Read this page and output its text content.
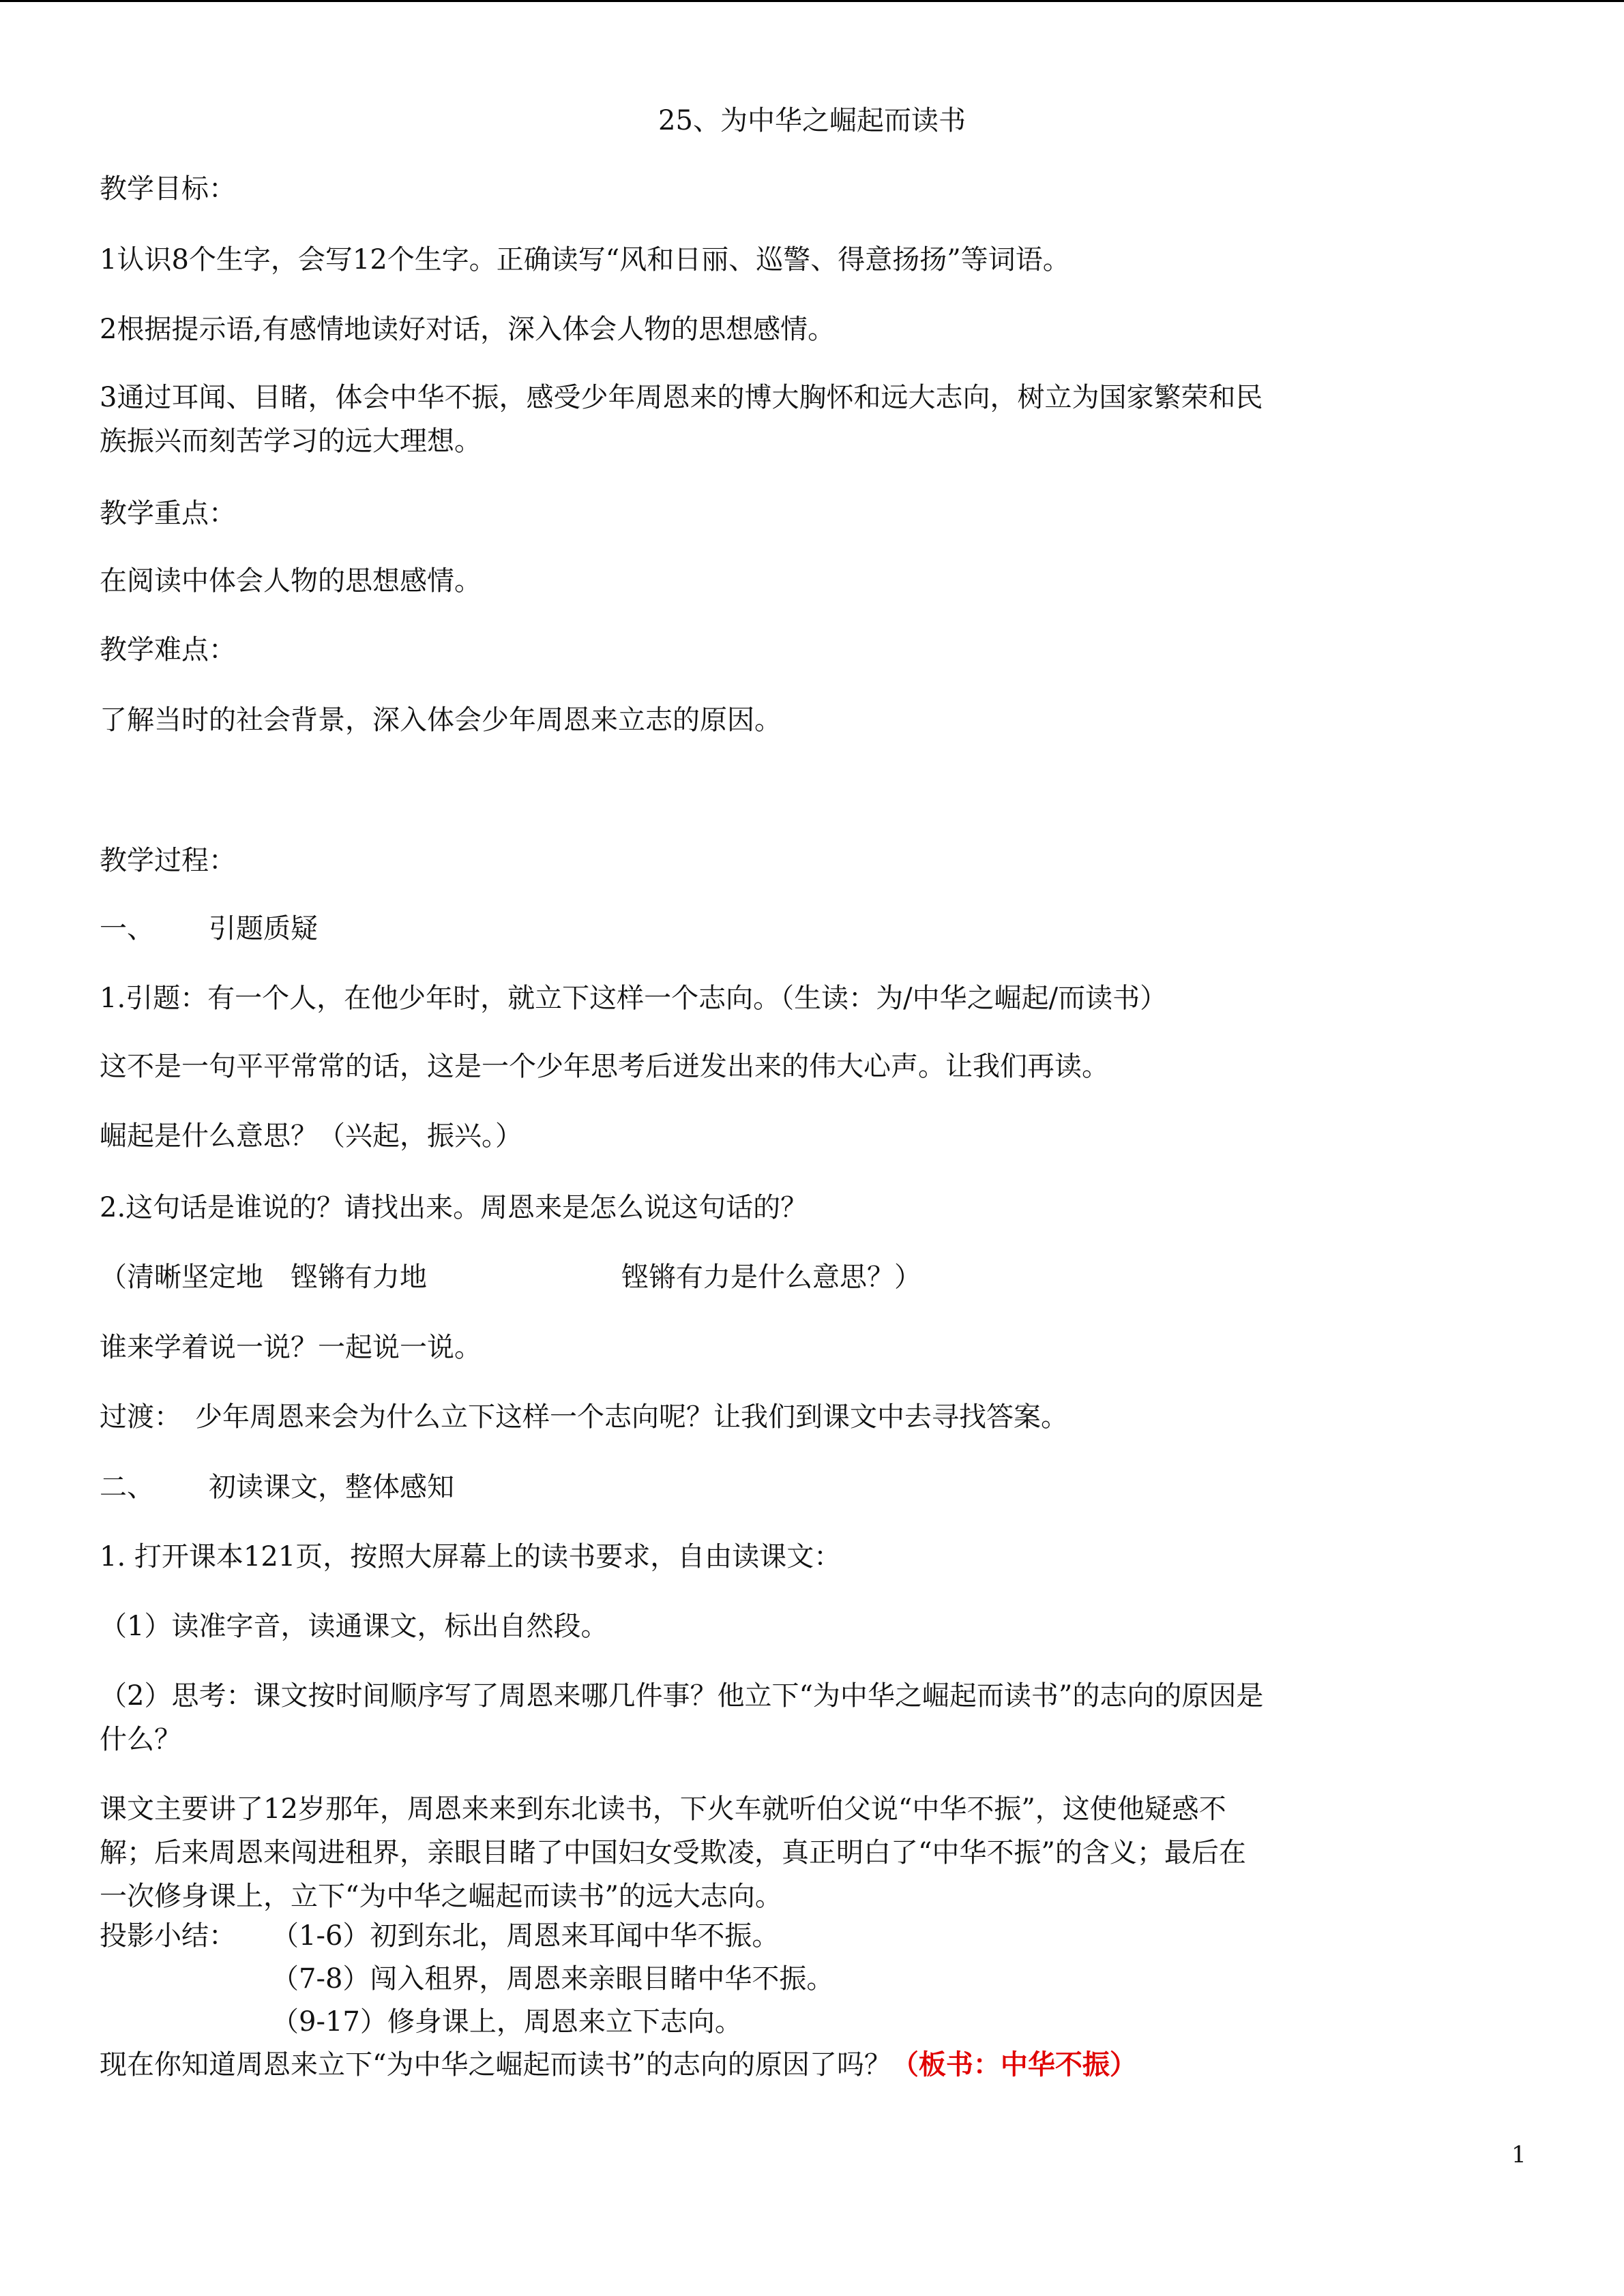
25、为中华之崛起而读书
教学目标：
1认识8个生字，会写12个生字。正确读写“风和日丽、巡警、得意扬扬”等词语。
2根据提示语,有感情地读好对话，深入体会人物的思想感情。
3通过耳闻、目睹，体会中华不振，感受少年周恩来的博大胸怀和远大志向，树立为国家繁荣和民
族振兴而刻苦学习的远大理想。
教学重点：
在阅读中体会人物的思想感情。
教学难点：
了解当时的社会背景，深入体会少年周恩来立志的原因。
教学过程：
一、 引题质疑
1.引题：有一个人，在他少年时，就立下这样一个志向。（生读：为/中华之崛起/而读书）
这不是一句平平常常的话，这是一个少年思考后迸发出来的伟大心声。让我们再读。
崛起是什么意思？（兴起，振兴。）
2.这句话是谁说的？请找出来。周恩来是怎么说这句话的？
（清晰坚定地　铿锵有力地	铿锵有力是什么意思？）
谁来学着说一说？一起说一说。
过渡：　少年周恩来会为什么立下这样一个志向呢？让我们到课文中去寻找答案。
二、 初读课文，整体感知
1. 打开课本121页，按照大屏幕上的读书要求，自由读课文：
（1）读准字音，读通课文，标出自然段。
（2）思考：课文按时间顺序写了周恩来哪几件事？他立下“为中华之崛起而读书”的志向的原因是
什么？
课文主要讲了12岁那年，周恩来来到东北读书，下火车就听伯父说“中华不振”，这使他疑惑不
解；后来周恩来闯进租界，亲眼目睹了中国妇女受欺凌，真正明白了“中华不振”的含义；最后在
一次修身课上，立下“为中华之崛起而读书”的远大志向。
投影小结： （1-6）初到东北，周恩来耳闻中华不振。
（7-8）闯入租界，周恩来亲眼目睹中华不振。
（9-17）修身课上，周恩来立下志向。
现在你知道周恩来立下“为中华之崛起而读书”的志向的原因了吗？（板书：中华不振）
1
